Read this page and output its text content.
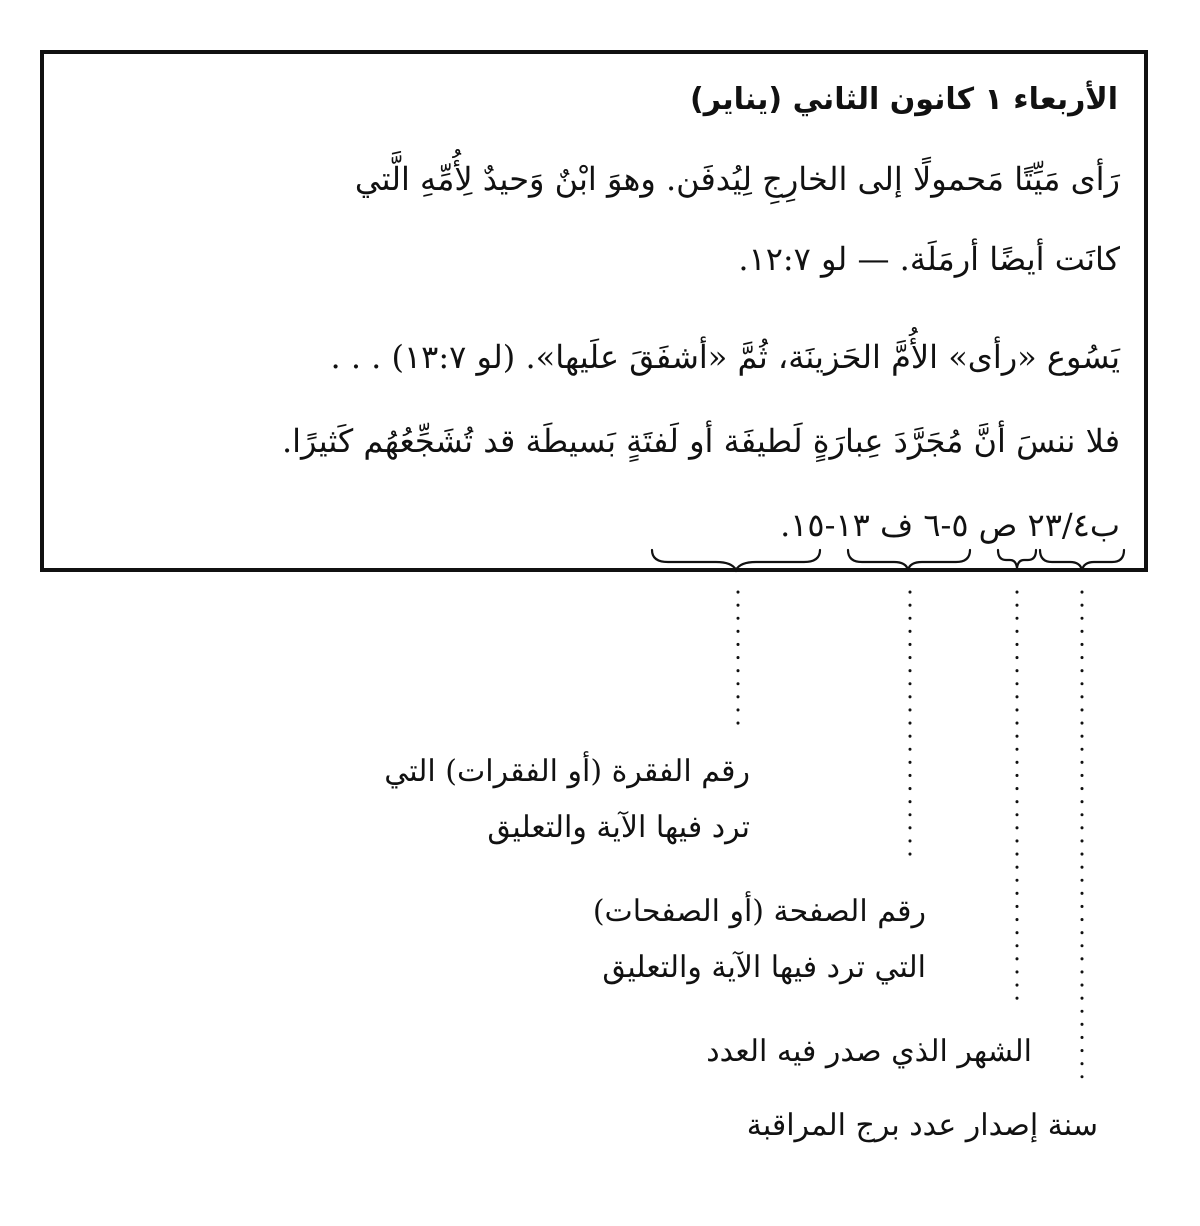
الأربعاء ١ كانون الثاني (يناير)
رَأى مَيِّتًا مَحمولًا إلى الخارِجِ لِيُدفَن. وهوَ ابْنٌ وَحيدٌ لِأُمِّهِ الَّتي
كانَت أيضًا أرمَلَة. — لو ١٢:٧.
يَسُوع «رأى» الأُمَّ الحَزينَة، ثُمَّ «أشفَقَ علَيها». (لو ١٣:٧) . . .
فلا ننسَ أنَّ مُجَرَّدَ عِبارَةٍ لَطيفَة أو لَفتَةٍ بَسيطَة قد تُشَجِّعُهُم كَثيرًا.
ب٢٣/٤ ص ٥-٦ ف ١٣-١٥.
رقم الفقرة (أو الفقرات) التي
ترد فيها الآية والتعليق
رقم الصفحة (أو الصفحات)
التي ترد فيها الآية والتعليق
الشهر الذي صدر فيه العدد
سنة إصدار عدد برج المراقبة
